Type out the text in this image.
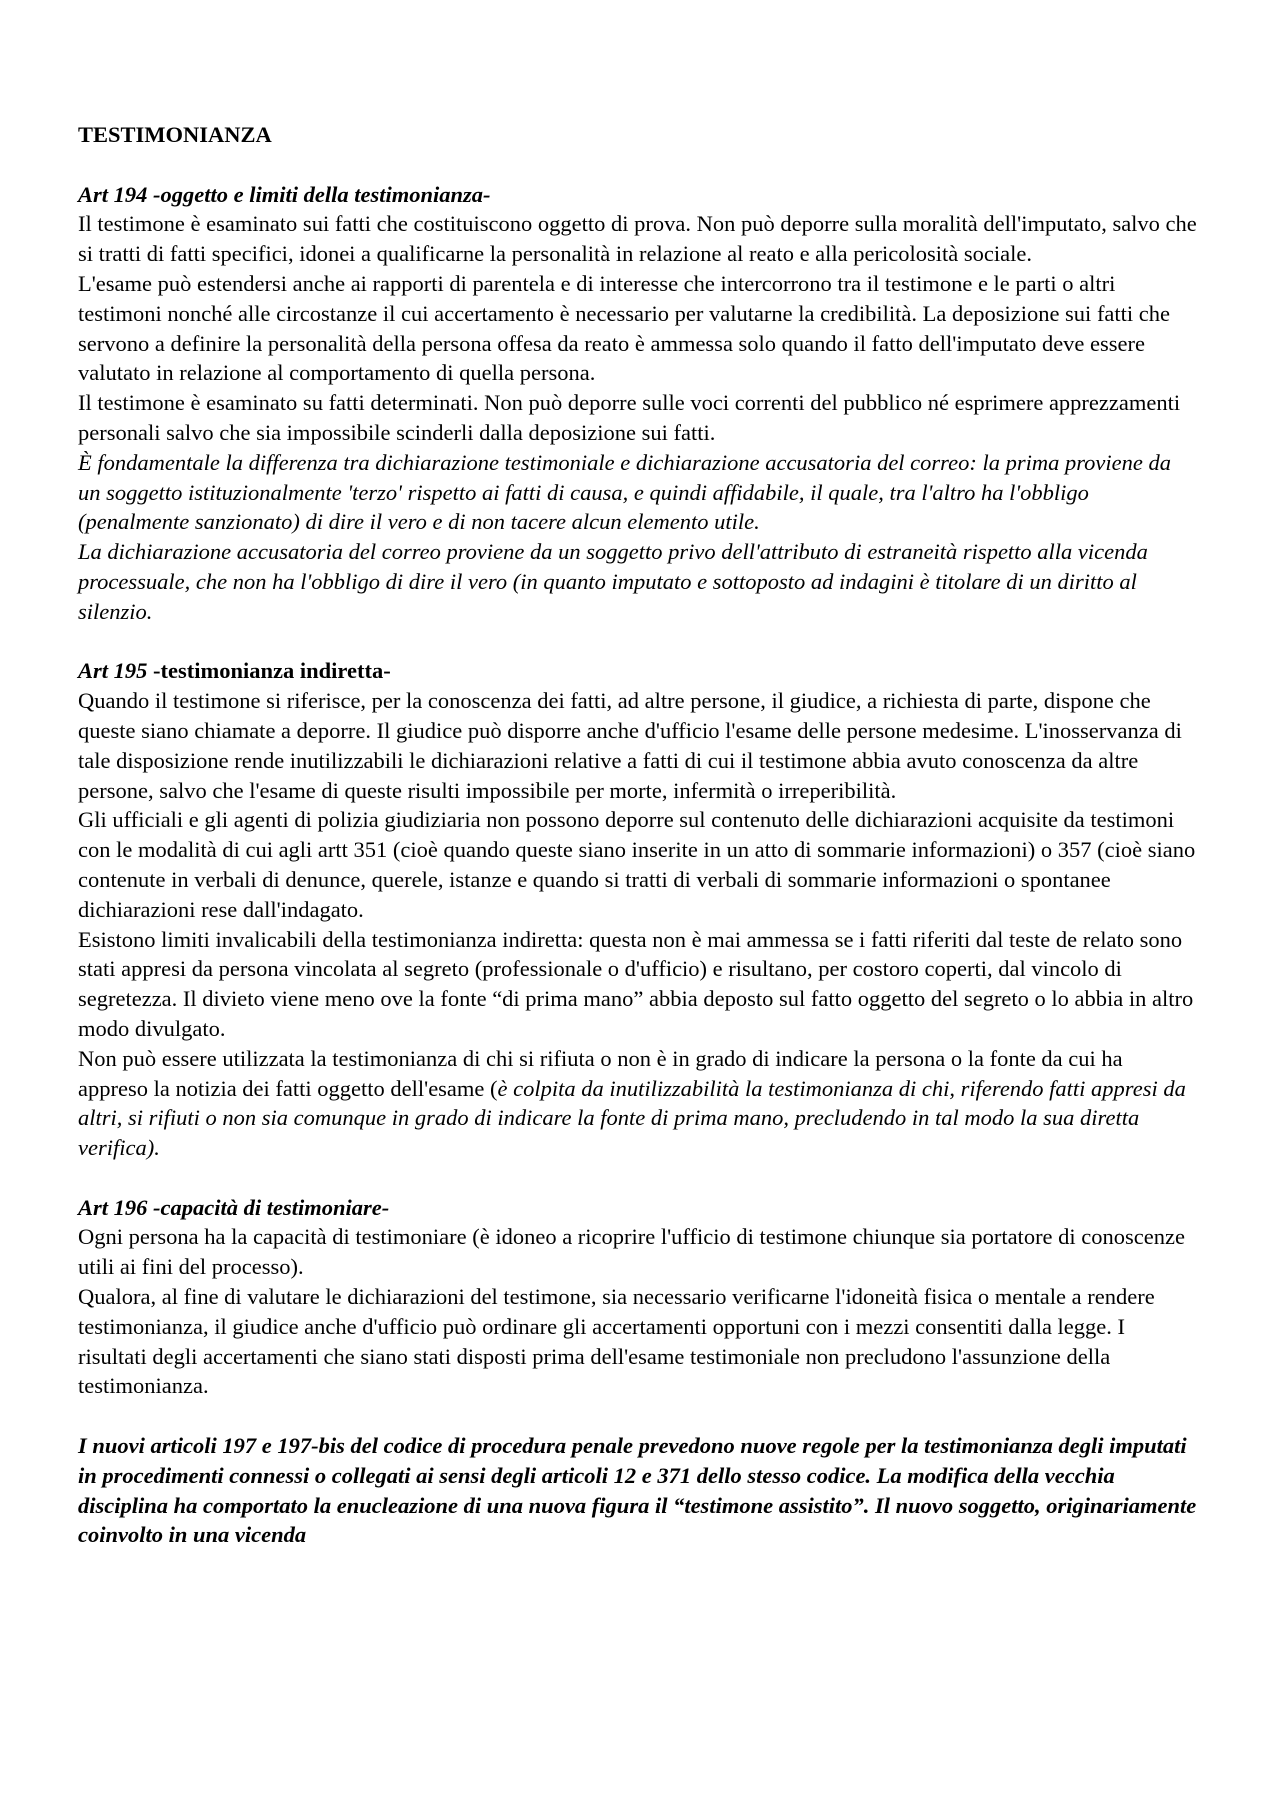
TESTIMONIANZA
Art 194 -oggetto e limiti della testimonianza-

Il testimone è esaminato sui fatti che costituiscono oggetto di prova. Non può deporre sulla moralità dell'imputato, salvo che si tratti di fatti specifici, idonei a qualificarne la personalità in relazione al reato e alla pericolosità sociale.

L'esame può estendersi anche ai rapporti di parentela e di interesse che intercorrono tra il testimone e le parti o altri testimoni nonché alle circostanze il cui accertamento è necessario per valutarne la credibilità. La deposizione sui fatti che servono a definire la personalità della persona offesa da reato è ammessa solo quando il fatto dell'imputato deve essere valutato in relazione al comportamento di quella persona.

Il testimone è esaminato su fatti determinati. Non può deporre sulle voci correnti del pubblico né esprimere apprezzamenti personali salvo che sia impossibile scinderli dalla deposizione sui fatti.

È fondamentale la differenza tra dichiarazione testimoniale e dichiarazione accusatoria del correo: la prima proviene da un soggetto istituzionalmente 'terzo' rispetto ai fatti di causa, e quindi affidabile, il quale, tra l'altro ha l'obbligo (penalmente sanzionato) di dire il vero e di non tacere alcun elemento utile.

La dichiarazione accusatoria del correo proviene da un soggetto privo dell'attributo di estraneità rispetto alla vicenda processuale, che non ha l'obbligo di dire il vero (in quanto imputato e sottoposto ad indagini è titolare di un diritto al silenzio.

Art 195 -testimonianza indiretta-

Quando il testimone si riferisce, per la conoscenza dei fatti, ad altre persone, il giudice, a richiesta di parte, dispone che queste siano chiamate a deporre. Il giudice può disporre anche d'ufficio l'esame delle persone medesime. L'inosservanza di tale disposizione rende inutilizzabili le dichiarazioni relative a fatti di cui il testimone abbia avuto conoscenza da altre persone, salvo che l'esame di queste risulti impossibile per morte, infermità o irreperibilità.

Gli ufficiali e gli agenti di polizia giudiziaria non possono deporre sul contenuto delle dichiarazioni acquisite da testimoni con le modalità di cui agli artt 351 (cioè quando queste siano inserite in un atto di sommarie informazioni) o 357 (cioè siano contenute in verbali di denunce, querele, istanze e quando si tratti di verbali di sommarie informazioni o spontanee dichiarazioni rese dall'indagato.

Esistono limiti invalicabili della testimonianza indiretta: questa non è mai ammessa se i fatti riferiti dal teste de relato sono stati appresi da persona vincolata al segreto (professionale o d'ufficio) e risultano, per costoro coperti, dal vincolo di segretezza. Il divieto viene meno ove la fonte “di prima mano” abbia deposto sul fatto oggetto del segreto o lo abbia in altro modo divulgato.

Non può essere utilizzata la testimonianza di chi si rifiuta o non è in grado di indicare la persona o la fonte da cui ha appreso la notizia dei fatti oggetto dell'esame (è colpita da inutilizzabilità la testimonianza di chi, riferendo fatti appresi da altri, si rifiuti o non sia comunque in grado di indicare la fonte di prima mano, precludendo in tal modo la sua diretta verifica).

Art 196 -capacità di testimoniare-

Ogni persona ha la capacità di testimoniare (è idoneo a ricoprire l'ufficio di testimone chiunque sia portatore di conoscenze utili ai fini del processo).

Qualora, al fine di valutare le dichiarazioni del testimone, sia necessario verificarne l'idoneità fisica o mentale a rendere testimonianza, il giudice anche d'ufficio può ordinare gli accertamenti opportuni con i mezzi consentiti dalla legge. I risultati degli accertamenti che siano stati disposti prima dell'esame testimoniale non precludono l'assunzione della testimonianza.

I nuovi articoli 197 e 197-bis del codice di procedura penale prevedono nuove regole per la testimonianza degli imputati in procedimenti connessi o collegati ai sensi degli articoli 12 e 371 dello stesso codice. La modifica della vecchia disciplina ha comportato la enucleazione di una nuova figura il “testimone assistito”. Il nuovo soggetto, originariamente coinvolto in una vicenda
